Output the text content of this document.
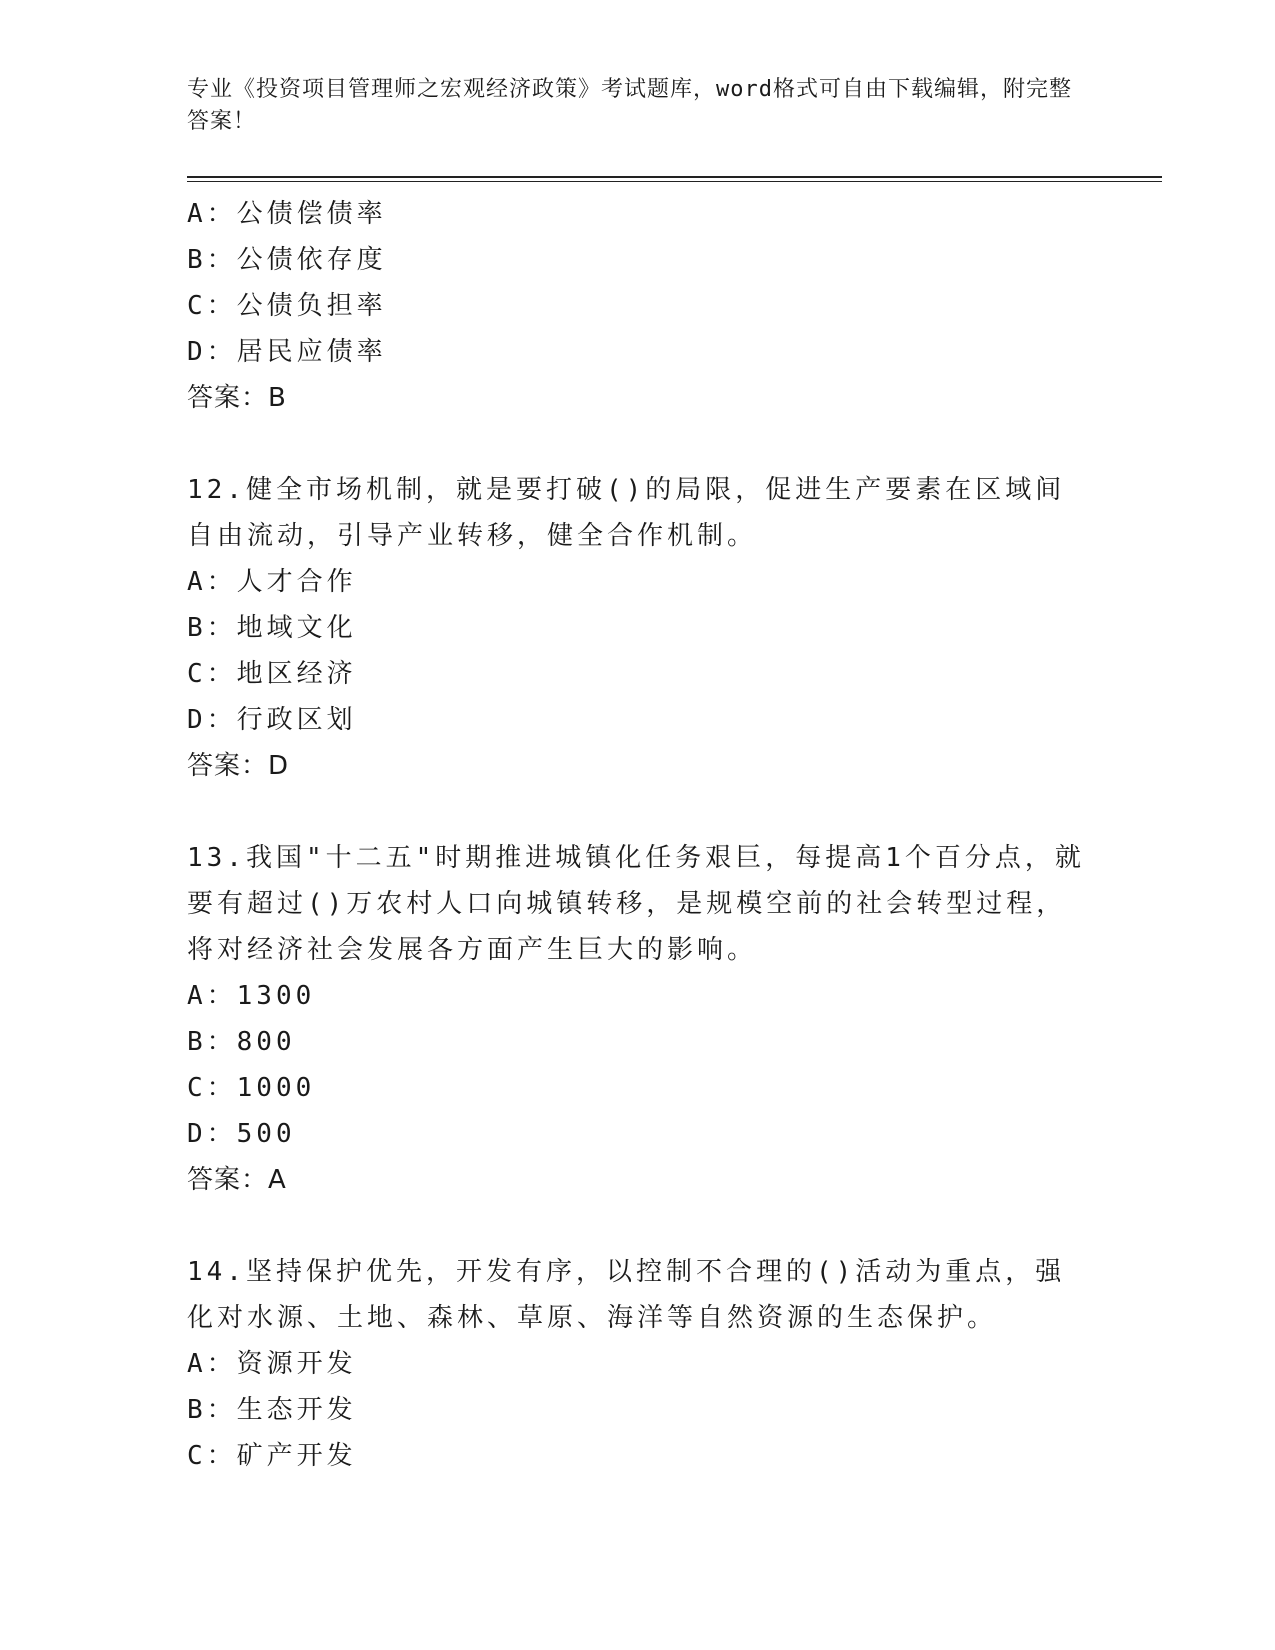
专业《投资项目管理师之宏观经济政策》考试题库，word格式可自由下载编辑，附完整答案！
A：公债偿债率
B：公债依存度
C：公债负担率
D：居民应债率
答案：B
12.健全市场机制，就是要打破()的局限，促进生产要素在区域间自由流动，引导产业转移，健全合作机制。
A：人才合作
B：地域文化
C：地区经济
D：行政区划
答案：D
13.我国"十二五"时期推进城镇化任务艰巨，每提高1个百分点，就要有超过()万农村人口向城镇转移，是规模空前的社会转型过程，将对经济社会发展各方面产生巨大的影响。
A：1300
B：800
C：1000
D：500
答案：A
14.坚持保护优先，开发有序，以控制不合理的()活动为重点，强化对水源、土地、森林、草原、海洋等自然资源的生态保护。
A：资源开发
B：生态开发
C：矿产开发
